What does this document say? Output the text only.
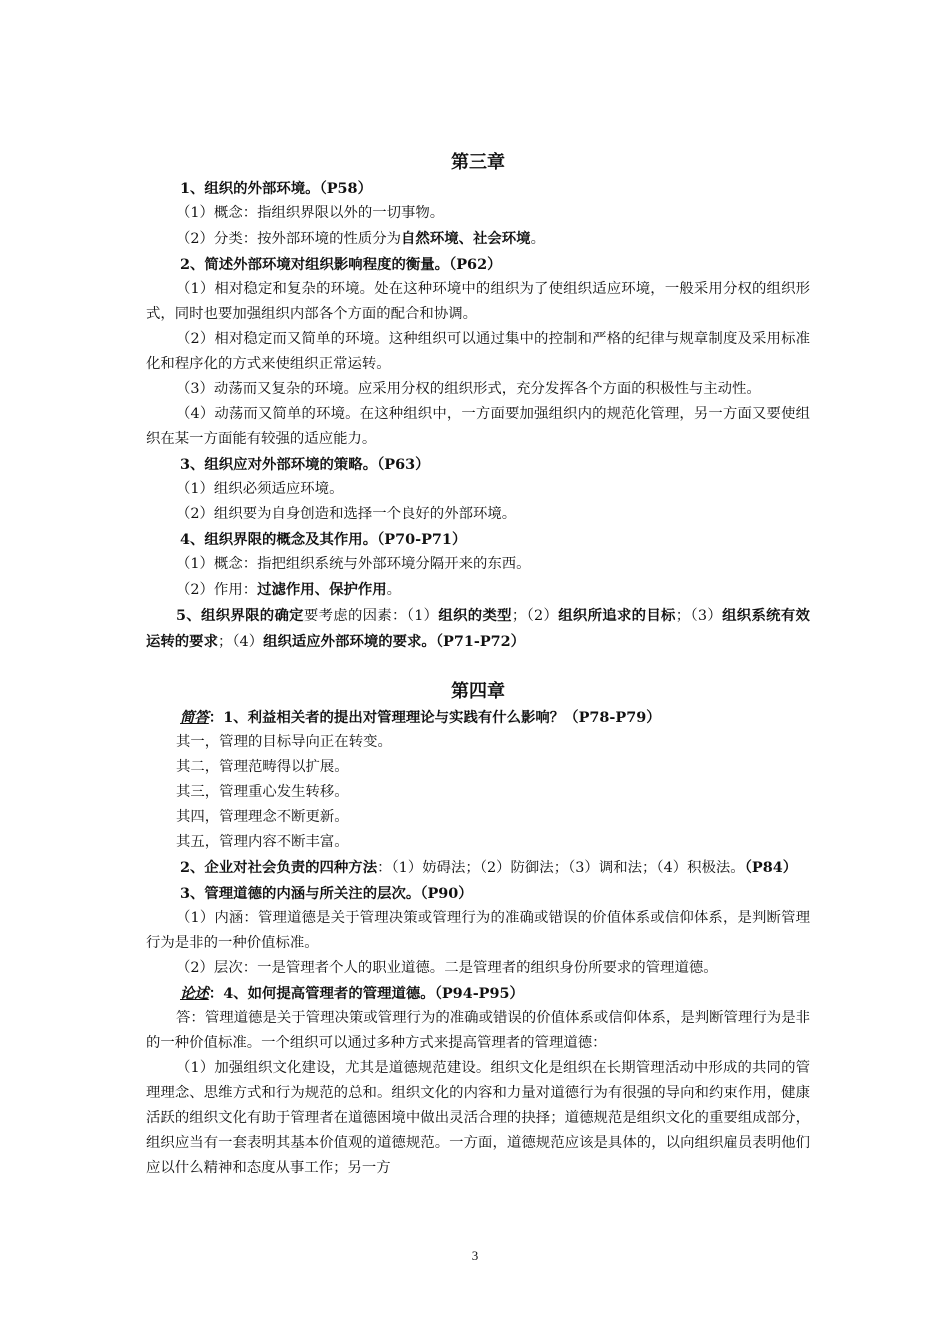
第三章

1、组织的外部环境。（P58）

（1）概念：指组织界限以外的一切事物。

（2）分类：按外部环境的性质分为自然环境、社会环境。

2、简述外部环境对组织影响程度的衡量。（P62）

（1）相对稳定和复杂的环境。处在这种环境中的组织为了使组织适应环境，一般采用分权的组织形式，同时也要加强组织内部各个方面的配合和协调。

（2）相对稳定而又简单的环境。这种组织可以通过集中的控制和严格的纪律与规章制度及采用标准化和程序化的方式来使组织正常运转。

（3）动荡而又复杂的环境。应采用分权的组织形式，充分发挥各个方面的积极性与主动性。

（4）动荡而又简单的环境。在这种组织中，一方面要加强组织内的规范化管理，另一方面又要使组织在某一方面能有较强的适应能力。

3、组织应对外部环境的策略。（P63）

（1）组织必须适应环境。

（2）组织要为自身创造和选择一个良好的外部环境。

4、组织界限的概念及其作用。（P70-P71）

（1）概念：指把组织系统与外部环境分隔开来的东西。

（2）作用：过滤作用、保护作用。

5、组织界限的确定要考虑的因素：（1）组织的类型；（2）组织所追求的目标；（3）组织系统有效运转的要求；（4）组织适应外部环境的要求。（P71-P72）

第四章

简答：1、利益相关者的提出对管理理论与实践有什么影响？（P78-P79）

其一，管理的目标导向正在转变。

其二，管理范畴得以扩展。

其三，管理重心发生转移。

其四，管理理念不断更新。

其五，管理内容不断丰富。

2、企业对社会负责的四种方法：（1）妨碍法；（2）防御法；（3）调和法；（4）积极法。（P84）

3、管理道德的内涵与所关注的层次。（P90）

（1）内涵：管理道德是关于管理决策或管理行为的准确或错误的价值体系或信仰体系，是判断管理行为是非的一种价值标准。

（2）层次：一是管理者个人的职业道德。二是管理者的组织身份所要求的管理道德。

论述：4、如何提高管理者的管理道德。（P94-P95）

答：管理道德是关于管理决策或管理行为的准确或错误的价值体系或信仰体系，是判断管理行为是非的一种价值标准。一个组织可以通过多种方式来提高管理者的管理道德：

（1）加强组织文化建设，尤其是道德规范建设。组织文化是组织在长期管理活动中形成的共同的管理理念、思维方式和行为规范的总和。组织文化的内容和力量对道德行为有很强的导向和约束作用，健康活跃的组织文化有助于管理者在道德困境中做出灵活合理的抉择；道德规范是组织文化的重要组成部分，组织应当有一套表明其基本价值观的道德规范。一方面，道德规范应该是具体的，以向组织雇员表明他们应以什么精神和态度从事工作；另一方

3
